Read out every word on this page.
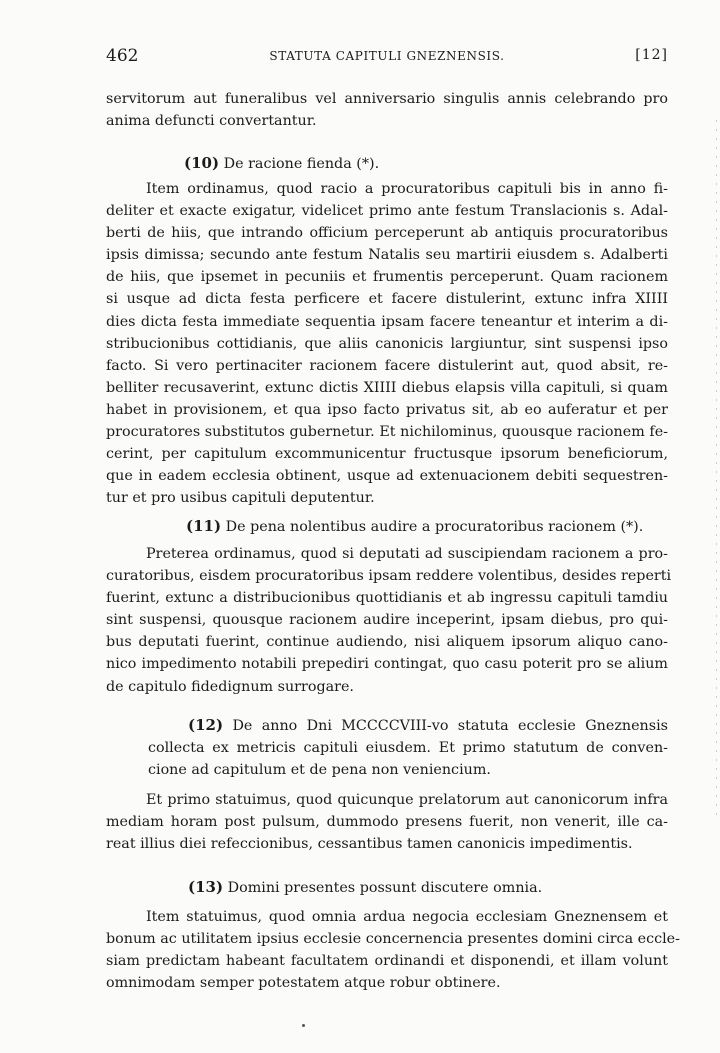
462	STATUTA CAPITULI GNEZNENSIS.	[12]
servitorum aut funeralibus vel anniversario singulis annis celebrando pro
anima defuncti convertantur.
(10) De racione fienda (*).
Item ordinamus, quod racio a procuratoribus capituli bis in anno fi-
deliter et exacte exigatur, videlicet primo ante festum Translacionis s. Adal-
berti de hiis, que intrando officium perceperunt ab antiquis procuratoribus
ipsis dimissa; secundo ante festum Natalis seu martirii eiusdem s. Adalberti
de hiis, que ipsemet in pecuniis et frumentis perceperunt. Quam racionem
si usque ad dicta festa perficere et facere distulerint, extunc infra XIIII
dies dicta festa immediate sequentia ipsam facere teneantur et interim a di-
stribucionibus cottidianis, que aliis canonicis largiuntur, sint suspensi ipso
facto. Si vero pertinaciter racionem facere distulerint aut, quod absit, re-
belliter recusaverint, extunc dictis XIIII diebus elapsis villa capituli, si quam
habet in provisionem, et qua ipso facto privatus sit, ab eo auferatur et per
procuratores substitutos gubernetur. Et nichilominus, quousque racionem fe-
cerint, per capitulum excommunicentur fructusque ipsorum beneficiorum,
que in eadem ecclesia obtinent, usque ad extenuacionem debiti sequestren-
tur et pro usibus capituli deputentur.
(11) De pena nolentibus audire a procuratoribus racionem (*).
Preterea ordinamus, quod si deputati ad suscipiendam racionem a pro-
curatoribus, eisdem procuratoribus ipsam reddere volentibus, desides reperti
fuerint, extunc a distribucionibus quottidianis et ab ingressu capituli tamdiu
sint suspensi, quousque racionem audire inceperint, ipsam diebus, pro qui-
bus deputati fuerint, continue audiendo, nisi aliquem ipsorum aliquo cano-
nico impedimento notabili prepediri contingat, quo casu poterit pro se alium
de capitulo fidedignum surrogare.
(12) De anno Dni MCCCCVIII-vo statuta ecclesie Gneznensis
collecta ex metricis capituli eiusdem. Et primo statutum de conven-
cione ad capitulum et de pena non veniencium.
Et primo statuimus, quod quicunque prelatorum aut canonicorum infra
mediam horam post pulsum, dummodo presens fuerit, non venerit, ille ca-
reat illius diei refeccionibus, cessantibus tamen canonicis impedimentis.
(13) Domini presentes possunt discutere omnia.
Item statuimus, quod omnia ardua negocia ecclesiam Gneznensem et
bonum ac utilitatem ipsius ecclesie concernencia presentes domini circa eccle-
siam predictam habeant facultatem ordinandi et disponendi, et illam volunt
omnimodam semper potestatem atque robur obtinere.
